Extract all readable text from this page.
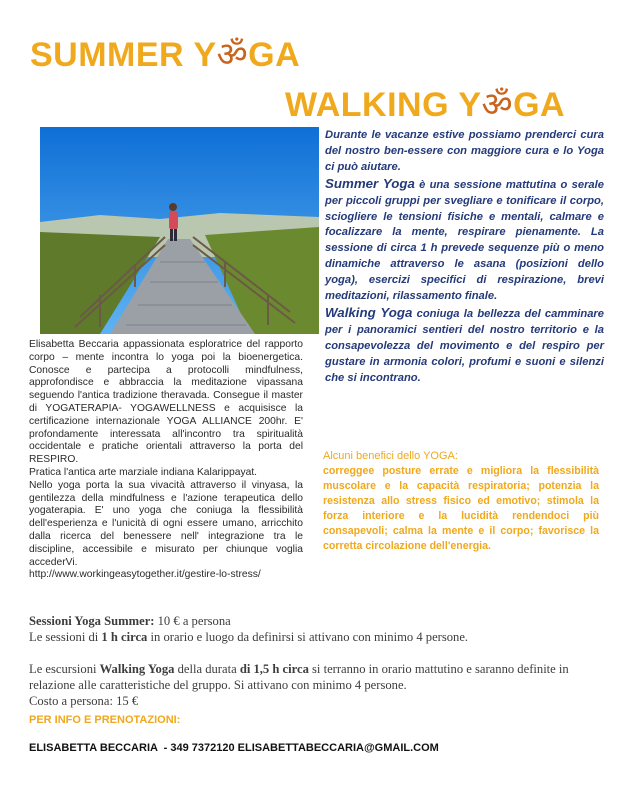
SUMMER YॐGA
WALKING YॐGA

Elisabetta Beccaria appassionata esploratrice del rapporto corpo – mente incontra lo yoga poi la bioenergetica. Conosce e partecipa a protocolli mindfulness, approfondisce e abbraccia la meditazione vipassana seguendo l'antica tradizione theravada. Consegue il master di YOGATERAPIA- YOGAWELLNESS e acquisisce la certificazione internazionale YOGA ALLIANCE 200hr. E' profondamente interessata all'incontro tra spiritualità occidentale e pratiche orientali attraverso la porta del RESPIRO.

Pratica l'antica arte marziale indiana Kalarippayat.

Nello yoga porta la sua vivacità attraverso il vinyasa, la gentilezza della mindfulness e l'azione terapeutica dello yogaterapia. E' uno yoga che coniuga la flessibilità dell'esperienza e l'unicità di ogni essere umano, arricchito dalla ricerca del benessere nell' integrazione tra le discipline, accessibile e misurato per chiunque voglia accederVi.

http://www.workingeasytogether.it/gestire-lo-stress/

Durante le vacanze estive possiamo prenderci cura del nostro ben-essere con maggiore cura e lo Yoga ci può aiutare.

Summer Yoga è una sessione mattutina o serale per piccoli gruppi per svegliare e tonificare il corpo, sciogliere le tensioni fisiche e mentali, calmare e focalizzare la mente, respirare pienamente. La sessione di circa 1 h prevede sequenze più o meno dinamiche attraverso le asana (posizioni dello yoga), esercizi specifici di respirazione, brevi meditazioni, rilassamento finale.

Walking Yoga coniuga la bellezza del camminare per i panoramici sentieri del nostro territorio e la consapevolezza del movimento e del respiro per gustare in armonia colori, profumi e suoni e silenzi che si incontrano.

Alcuni benefici dello YOGA:
correggee posture errate e migliora la flessibilità muscolare e la capacità respiratoria; potenzia la resistenza allo stress fisico ed emotivo; stimola la forza interiore e la lucidità rendendoci più consapevoli; calma la mente e il corpo; favorisce la corretta circolazione dell'energia.

Sessioni Yoga Summer: 10 € a persona

Le sessioni di 1 h circa in orario e luogo da definirsi si attivano con minimo 4 persone.

Le escursioni Walking Yoga della durata di 1,5 h circa si terranno in orario mattutino e saranno definite in relazione alle caratteristiche del gruppo. Si attivano con minimo 4 persone.

Costo a persona: 15 €

PER INFO E PRENOTAZIONI:
ELISABETTA BECCARIA  - 349 7372120 ELISABETTABECCARIA@GMAIL.COM
